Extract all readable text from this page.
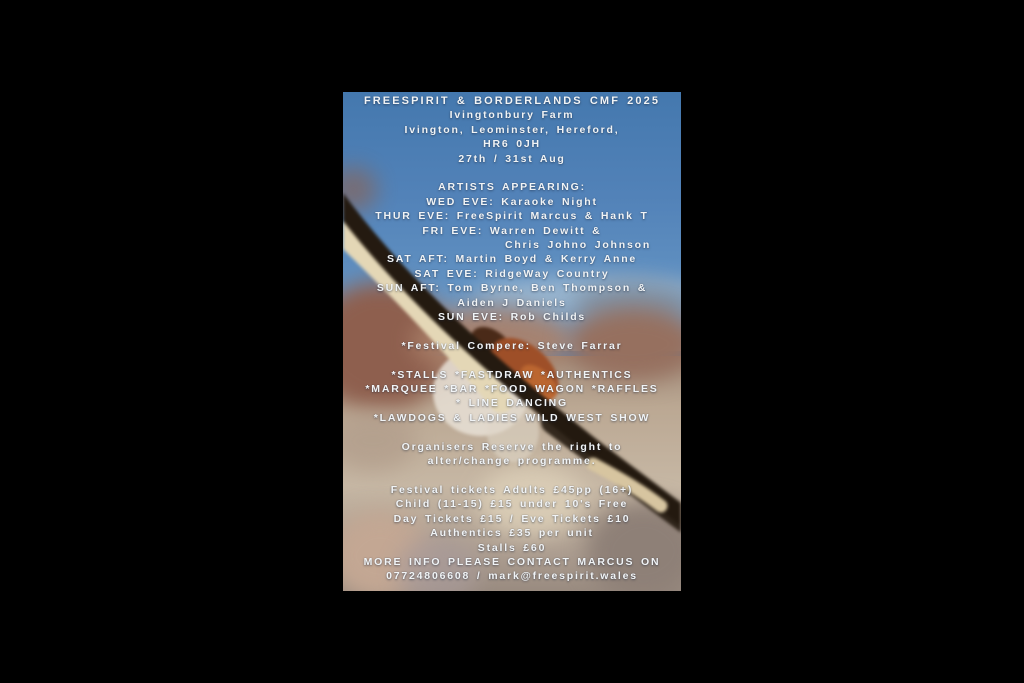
FREESPIRIT & BORDERLANDS CMF 2025
Ivingtonbury Farm
Ivington, Leominster, Hereford,
HR6 0JH
27th / 31st Aug
ARTISTS APPEARING:
WED EVE: Karaoke Night
THUR EVE: FreeSpirit Marcus & Hank T
FRI EVE: Warren Dewitt &
Chris Johno Johnson
SAT AFT: Martin Boyd & Kerry Anne
SAT EVE: RidgeWay Country
SUN AFT: Tom Byrne, Ben Thompson &
Aiden J Daniels
SUN EVE: Rob Childs
*Festival Compere: Steve Farrar
*STALLS *FASTDRAW *AUTHENTICS
*MARQUEE *BAR *FOOD WAGON *RAFFLES
* LINE DANCING
*LAWDOGS & LADIES WILD WEST SHOW
Organisers Reserve the right to
alter/change programme.
Festival tickets Adults £45pp (16+)
Child (11-15) £15 under 10's Free
Day Tickets £15 / Eve Tickets £10
Authentics £35 per unit
Stalls £60
MORE INFO PLEASE CONTACT MARCUS ON
07724806608 / mark@freespirit.wales
